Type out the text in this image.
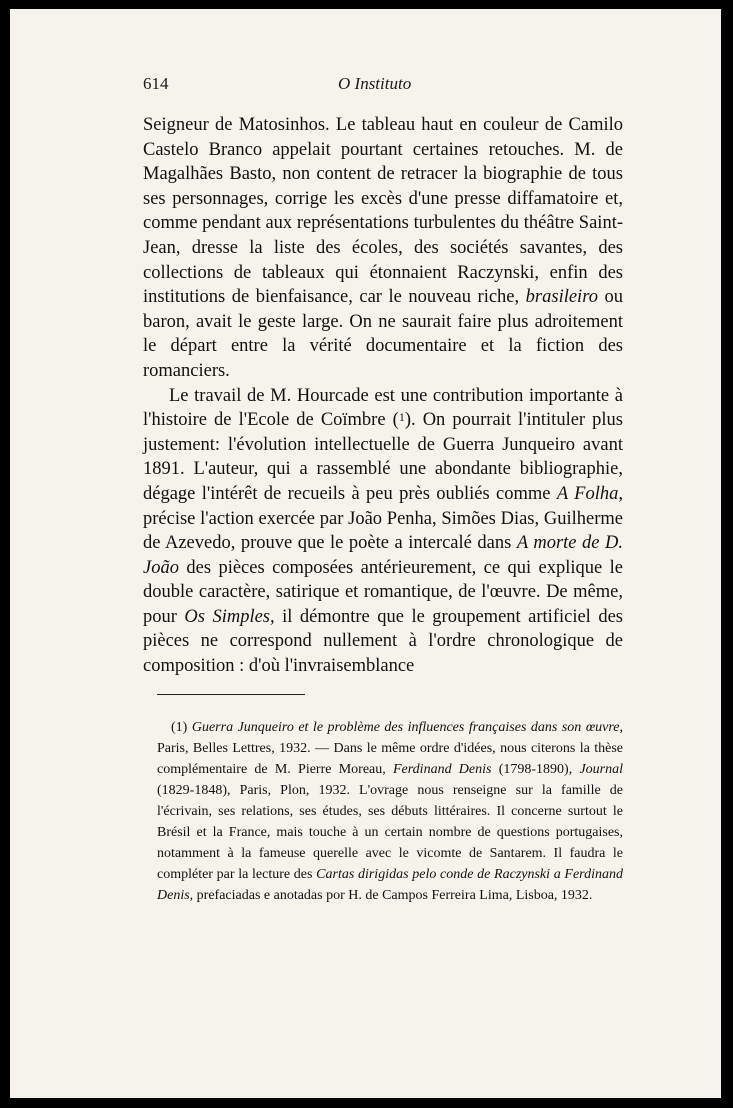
614	O Instituto

Seigneur de Matosinhos. Le tableau haut en couleur de Camilo Castelo Branco appelait pourtant certaines retouches. M. de Magalhães Basto, non content de retracer la biographie de tous ses personnages, corrige les excès d'une presse diffamatoire et, comme pendant aux représentations turbulentes du théâtre Saint-Jean, dresse la liste des écoles, des sociétés savantes, des collections de tableaux qui étonnaient Raczynski, enfin des institutions de bienfaisance, car le nouveau riche, brasileiro ou baron, avait le geste large. On ne saurait faire plus adroitement le départ entre la vérité documentaire et la fiction des romanciers.

Le travail de M. Hourcade est une contribution importante à l'histoire de l'Ecole de Coïmbre ($^1$). On pourrait l'intituler plus justement: l'évolution intellectuelle de Guerra Junqueiro avant 1891. L'auteur, qui a rassemblé une abondante bibliographie, dégage l'intérêt de recueils à peu près oubliés comme A Folha, précise l'action exercée par João Penha, Simões Dias, Guilherme de Azevedo, prouve que le poète a intercalé dans A morte de D. João des pièces composées antérieurement, ce qui explique le double caractère, satirique et romantique, de l'œuvre. De même, pour Os Simples, il démontre que le groupement artificiel des pièces ne correspond nullement à l'ordre chronologique de composition : d'où l'invraisemblance

(1) Guerra Junqueiro et le problème des influences françaises dans son œuvre, Paris, Belles Lettres, 1932. — Dans le même ordre d'idées, nous citerons la thèse complémentaire de M. Pierre Moreau, Ferdinand Denis (1798-1890), Journal (1829-1848), Paris, Plon, 1932. L'ovrage nous renseigne sur la famille de l'écrivain, ses relations, ses études, ses débuts littéraires. Il concerne surtout le Brésil et la France, mais touche à un certain nombre de questions portugaises, notamment à la fameuse querelle avec le vicomte de Santarem. Il faudra le compléter par la lecture des Cartas dirigidas pelo conde de Raczynski a Ferdinand Denis, prefaciadas e anotadas por H. de Campos Ferreira Lima, Lisboa, 1932.
